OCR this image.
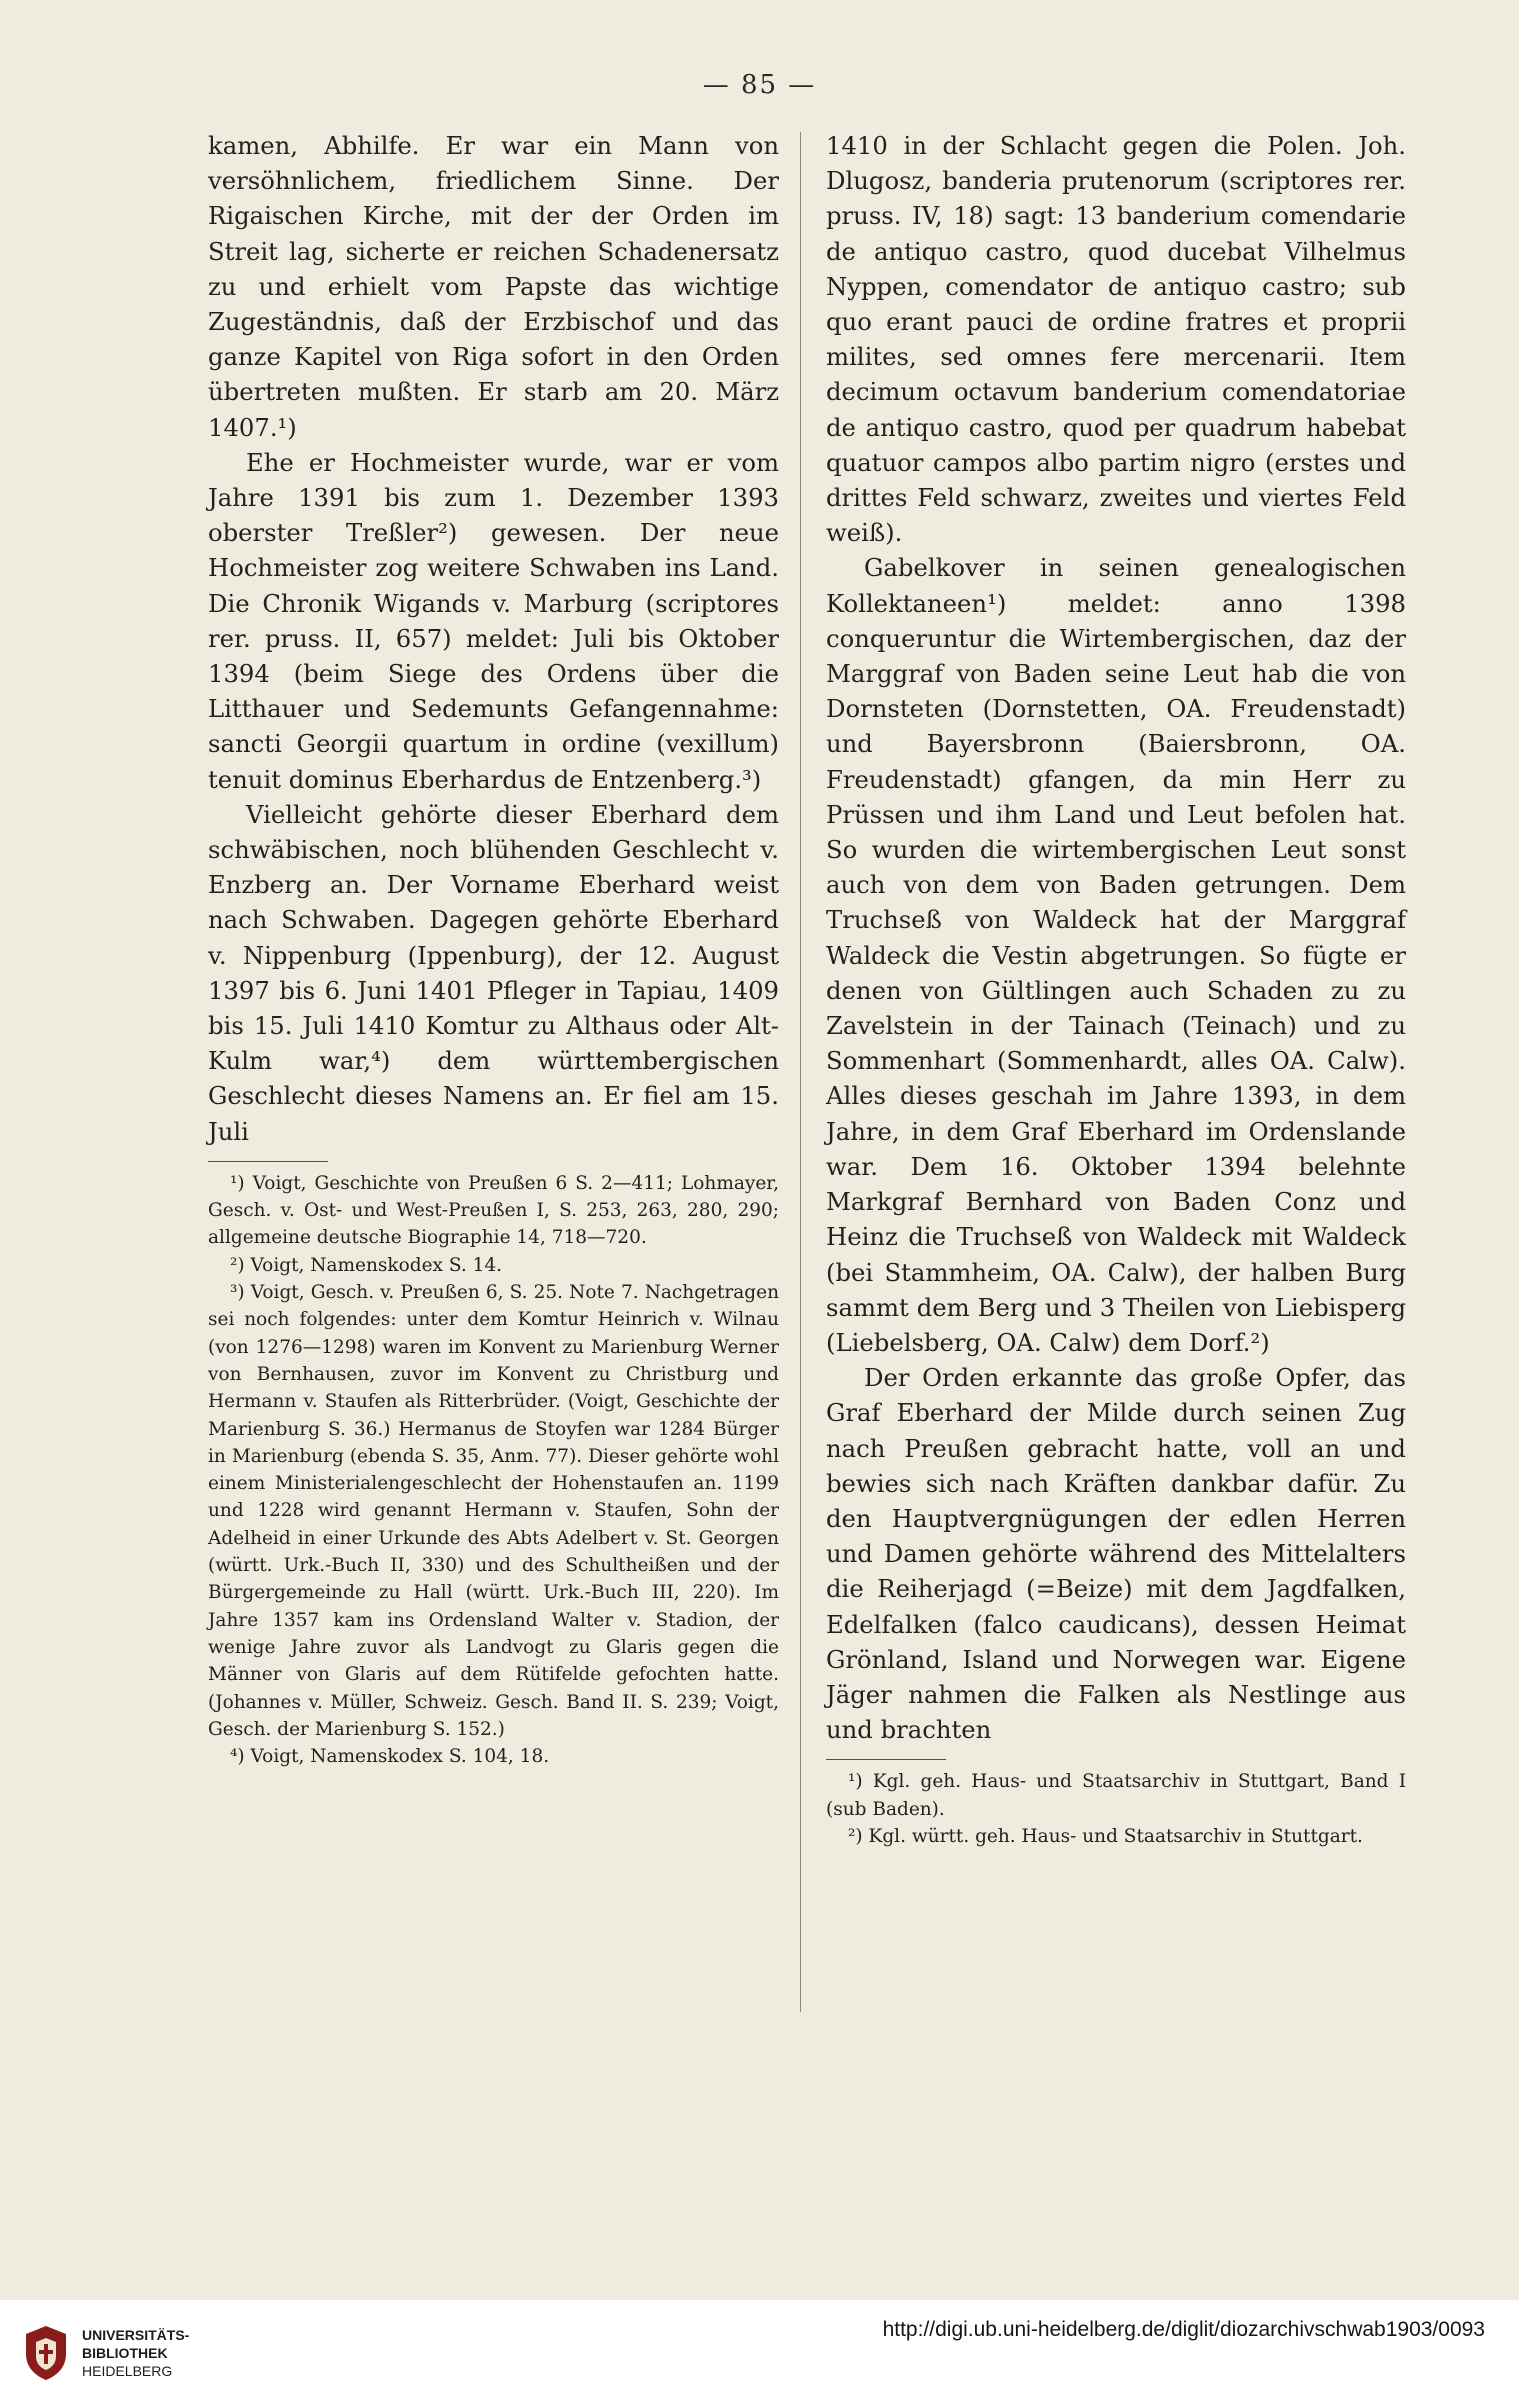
— 85 —

kamen, Abhilfe. Er war ein Mann von versöhnlichem, friedlichem Sinne. Der Rigaischen Kirche, mit der der Orden im Streit lag, sicherte er reichen Schadenersatz zu und erhielt vom Papste das wichtige Zugeständnis, daß der Erzbischof und das ganze Kapitel von Riga sofort in den Orden übertreten mußten. Er starb am 20. März 1407.¹)

Ehe er Hochmeister wurde, war er vom Jahre 1391 bis zum 1. Dezember 1393 oberster Treßler²) gewesen. Der neue Hochmeister zog weitere Schwaben ins Land. Die Chronik Wigands v. Marburg (scriptores rer. pruss. II, 657) meldet: Juli bis Oktober 1394 (beim Siege des Ordens über die Litthauer und Sedemunts Gefangennahme: sancti Georgii quartum in ordine (vexillum) tenuit dominus Eberhardus de Entzenberg.³)

Vielleicht gehörte dieser Eberhard dem schwäbischen, noch blühenden Geschlecht v. Enzberg an. Der Vorname Eberhard weist nach Schwaben. Dagegen gehörte Eberhard v. Nippenburg (Ippenburg), der 12. August 1397 bis 6. Juni 1401 Pfleger in Tapiau, 1409 bis 15. Juli 1410 Komtur zu Althaus oder Alt-Kulm war,⁴) dem württembergischen Geschlecht dieses Namens an. Er fiel am 15. Juli

¹) Voigt, Geschichte von Preußen 6 S. 2—411; Lohmayer, Gesch. v. Ost- und West-Preußen I, S. 253, 263, 280, 290; allgemeine deutsche Biographie 14, 718—720.

²) Voigt, Namenskodex S. 14.

³) Voigt, Gesch. v. Preußen 6, S. 25. Note 7. Nachgetragen sei noch folgendes: unter dem Komtur Heinrich v. Wilnau (von 1276—1298) waren im Konvent zu Marienburg Werner von Bernhausen, zuvor im Konvent zu Christburg und Hermann v. Staufen als Ritterbrüder. (Voigt, Geschichte der Marienburg S. 36.) Hermanus de Stoyfen war 1284 Bürger in Marienburg (ebenda S. 35, Anm. 77). Dieser gehörte wohl einem Ministerialengeschlecht der Hohenstaufen an. 1199 und 1228 wird genannt Hermann v. Staufen, Sohn der Adelheid in einer Urkunde des Abts Adelbert v. St. Georgen (württ. Urk.-Buch II, 330) und des Schultheißen und der Bürgergemeinde zu Hall (württ. Urk.-Buch III, 220). Im Jahre 1357 kam ins Ordensland Walter v. Stadion, der wenige Jahre zuvor als Landvogt zu Glaris gegen die Männer von Glaris auf dem Rütifelde gefochten hatte. (Johannes v. Müller, Schweiz. Gesch. Band II. S. 239; Voigt, Gesch. der Marienburg S. 152.)

⁴) Voigt, Namenskodex S. 104, 18.

1410 in der Schlacht gegen die Polen. Joh. Dlugosz, banderia prutenorum (scriptores rer. pruss. IV, 18) sagt: 13 banderium comendarie de antiquo castro, quod ducebat Vilhelmus Nyppen, comendator de antiquo castro; sub quo erant pauci de ordine fratres et proprii milites, sed omnes fere mercenarii. Item decimum octavum banderium comendatoriae de antiquo castro, quod per quadrum habebat quatuor campos albo partim nigro (erstes und drittes Feld schwarz, zweites und viertes Feld weiß).

Gabelkover in seinen genealogischen Kollektaneen¹) meldet: anno 1398 conqueruntur die Wirtembergischen, daz der Marggraf von Baden seine Leut hab die von Dornsteten (Dornstetten, OA. Freudenstadt) und Bayersbronn (Baiersbronn, OA. Freudenstadt) gfangen, da min Herr zu Prüssen und ihm Land und Leut befolen hat. So wurden die wirtembergischen Leut sonst auch von dem von Baden getrungen. Dem Truchseß von Waldeck hat der Marggraf Waldeck die Vestin abgetrungen. So fügte er denen von Gültlingen auch Schaden zu zu Zavelstein in der Tainach (Teinach) und zu Sommenhart (Sommenhardt, alles OA. Calw). Alles dieses geschah im Jahre 1393, in dem Jahre, in dem Graf Eberhard im Ordenslande war. Dem 16. Oktober 1394 belehnte Markgraf Bernhard von Baden Conz und Heinz die Truchseß von Waldeck mit Waldeck (bei Stammheim, OA. Calw), der halben Burg sammt dem Berg und 3 Theilen von Liebisperg (Liebelsberg, OA. Calw) dem Dorf.²)

Der Orden erkannte das große Opfer, das Graf Eberhard der Milde durch seinen Zug nach Preußen gebracht hatte, voll an und bewies sich nach Kräften dankbar dafür. Zu den Hauptvergnügungen der edlen Herren und Damen gehörte während des Mittelalters die Reiherjagd (=Beize) mit dem Jagdfalken, Edelfalken (falco caudicans), dessen Heimat Grönland, Island und Norwegen war. Eigene Jäger nahmen die Falken als Nestlinge aus und brachten

¹) Kgl. geh. Haus- und Staatsarchiv in Stuttgart, Band I (sub Baden).

²) Kgl. württ. geh. Haus- und Staatsarchiv in Stuttgart.

UNIVERSITÄTS-
BIBLIOTHEK
HEIDELBERG
http://digi.ub.uni-heidelberg.de/diglit/diozarchivschwab1903/0093
